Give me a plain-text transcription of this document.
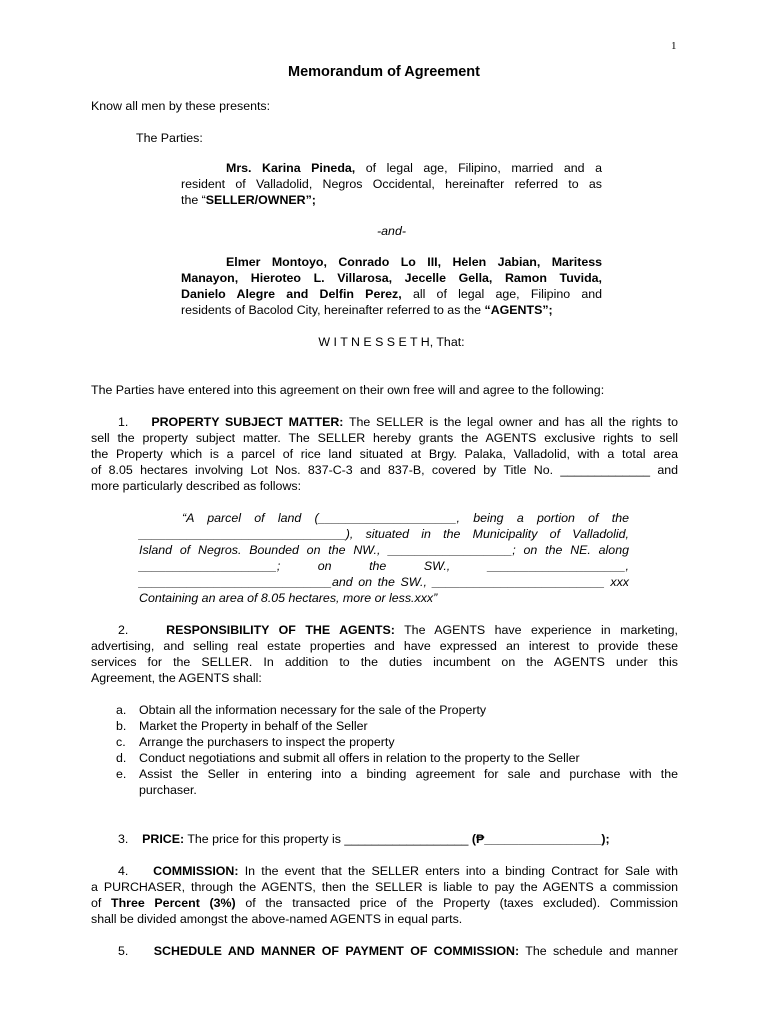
1
Memorandum of Agreement
Know all men by these presents:
The Parties:
Mrs. Karina Pineda, of legal age, Filipino, married and a
resident of Valladolid, Negros Occidental, hereinafter referred to as
the “SELLER/OWNER”;
-and-
Elmer Montoyo, Conrado Lo III, Helen Jabian, Maritess
Manayon, Hieroteo L. Villarosa, Jecelle Gella, Ramon Tuvida,
Danielo Alegre and Delfin Perez, all of legal age, Filipino and
residents of Bacolod City, hereinafter referred to as the “AGENTS”;
W I T N E S S E T H, That:
The Parties have entered into this agreement on their own free will and agree to the following:
1. PROPERTY SUBJECT MATTER: The SELLER is the legal owner and has all the rights to
sell the property subject matter. The SELLER hereby grants the AGENTS exclusive rights to sell
the Property which is a parcel of rice land situated at Brgy. Palaka, Valladolid, with a total area
of 8.05 hectares involving Lot Nos. 837-C-3 and 837-B, covered by Title No. _____________ and
more particularly described as follows:
“A parcel of land (____________________, being a portion of the
______________________________), situated in the Municipality of Valladolid,
Island of Negros. Bounded on the NW., __________________; on the NE. along
____________________; on the SW., ____________________,
____________________________and on the SW., _________________________ xxx
Containing an area of 8.05 hectares, more or less.xxx”
2.	RESPONSIBILITY OF THE AGENTS: The AGENTS have experience in marketing,
advertising, and selling real estate properties and have expressed an interest to provide these
services for the SELLER. In addition to the duties incumbent on the AGENTS under this
Agreement, the AGENTS shall:
a. Obtain all the information necessary for the sale of the Property
b. Market the Property in behalf of the Seller
c. Arrange the purchasers to inspect the property
d. Conduct negotiations and submit all offers in relation to the property to the Seller
e. Assist the Seller in entering into a binding agreement for sale and purchase with the
purchaser.
3. PRICE: The price for this property is __________________ (₱_________________);
4. COMMISSION: In the event that the SELLER enters into a binding Contract for Sale with
a PURCHASER, through the AGENTS, then the SELLER is liable to pay the AGENTS a commission
of Three Percent (3%) of the transacted price of the Property (taxes excluded). Commission
shall be divided amongst the above-named AGENTS in equal parts.
5. SCHEDULE AND MANNER OF PAYMENT OF COMMISSION: The schedule and manner
